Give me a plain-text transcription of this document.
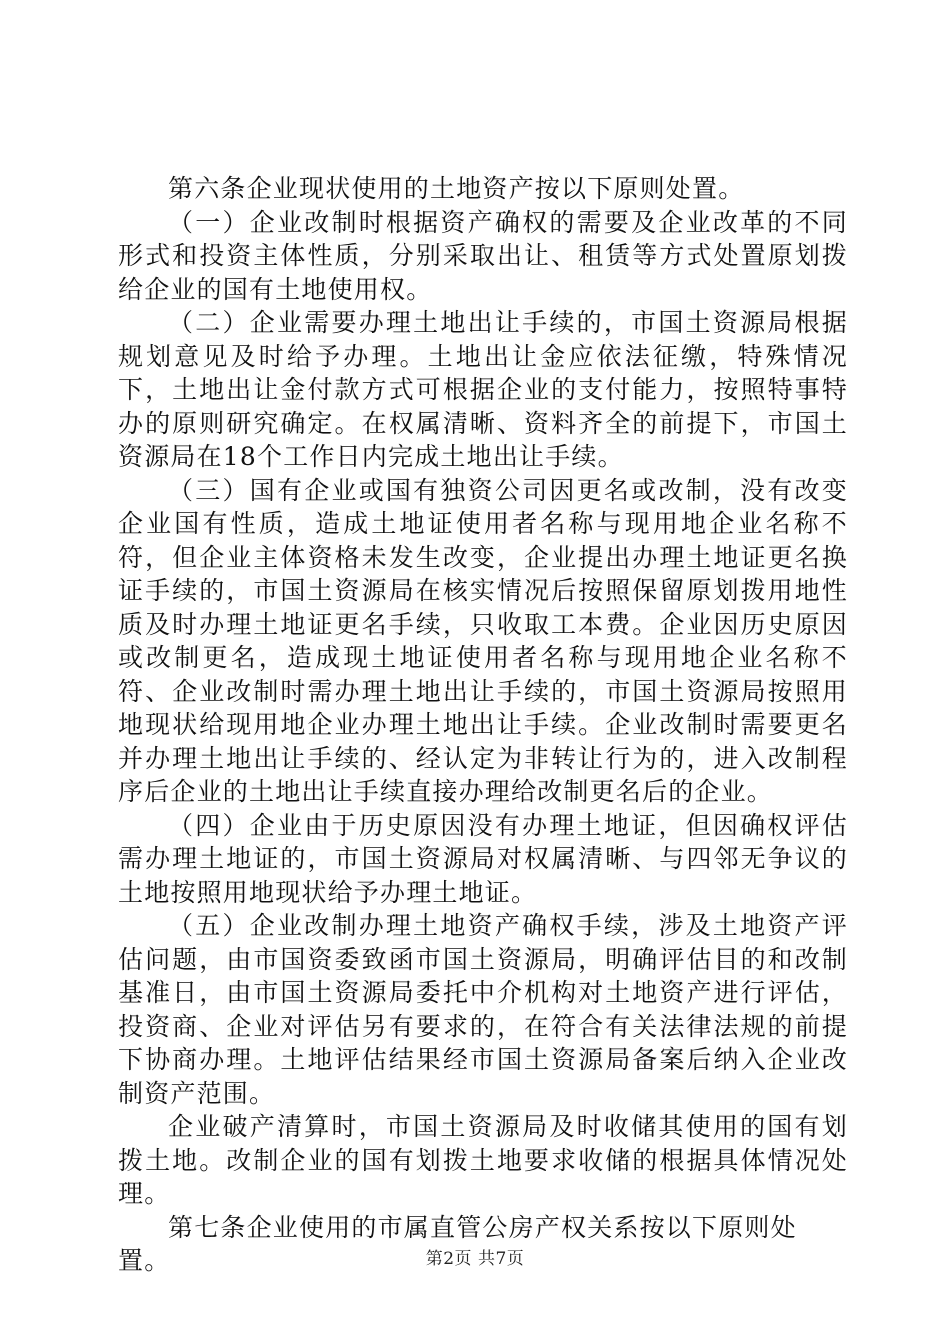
第六条企业现状使用的土地资产按以下原则处置。

（一）企业改制时根据资产确权的需要及企业改革的不同形式和投资主体性质，分别采取出让、租赁等方式处置原划拨给企业的国有土地使用权。

（二）企业需要办理土地出让手续的，市国土资源局根据规划意见及时给予办理。土地出让金应依法征缴，特殊情况下，土地出让金付款方式可根据企业的支付能力，按照特事特办的原则研究确定。在权属清晰、资料齐全的前提下，市国土资源局在18个工作日内完成土地出让手续。

（三）国有企业或国有独资公司因更名或改制，没有改变企业国有性质，造成土地证使用者名称与现用地企业名称不符，但企业主体资格未发生改变，企业提出办理土地证更名换证手续的，市国土资源局在核实情况后按照保留原划拨用地性质及时办理土地证更名手续，只收取工本费。企业因历史原因或改制更名，造成现土地证使用者名称与现用地企业名称不符、企业改制时需办理土地出让手续的，市国土资源局按照用地现状给现用地企业办理土地出让手续。企业改制时需要更名并办理土地出让手续的、经认定为非转让行为的，进入改制程序后企业的土地出让手续直接办理给改制更名后的企业。

（四）企业由于历史原因没有办理土地证，但因确权评估需办理土地证的，市国土资源局对权属清晰、与四邻无争议的土地按照用地现状给予办理土地证。

（五）企业改制办理土地资产确权手续，涉及土地资产评估问题，由市国资委致函市国土资源局，明确评估目的和改制基准日，由市国土资源局委托中介机构对土地资产进行评估，投资商、企业对评估另有要求的，在符合有关法律法规的前提下协商办理。土地评估结果经市国土资源局备案后纳入企业改制资产范围。

企业破产清算时，市国土资源局及时收储其使用的国有划拨土地。改制企业的国有划拨土地要求收储的根据具体情况处理。

第七条企业使用的市属直管公房产权关系按以下原则处置。	第2页 共7页
